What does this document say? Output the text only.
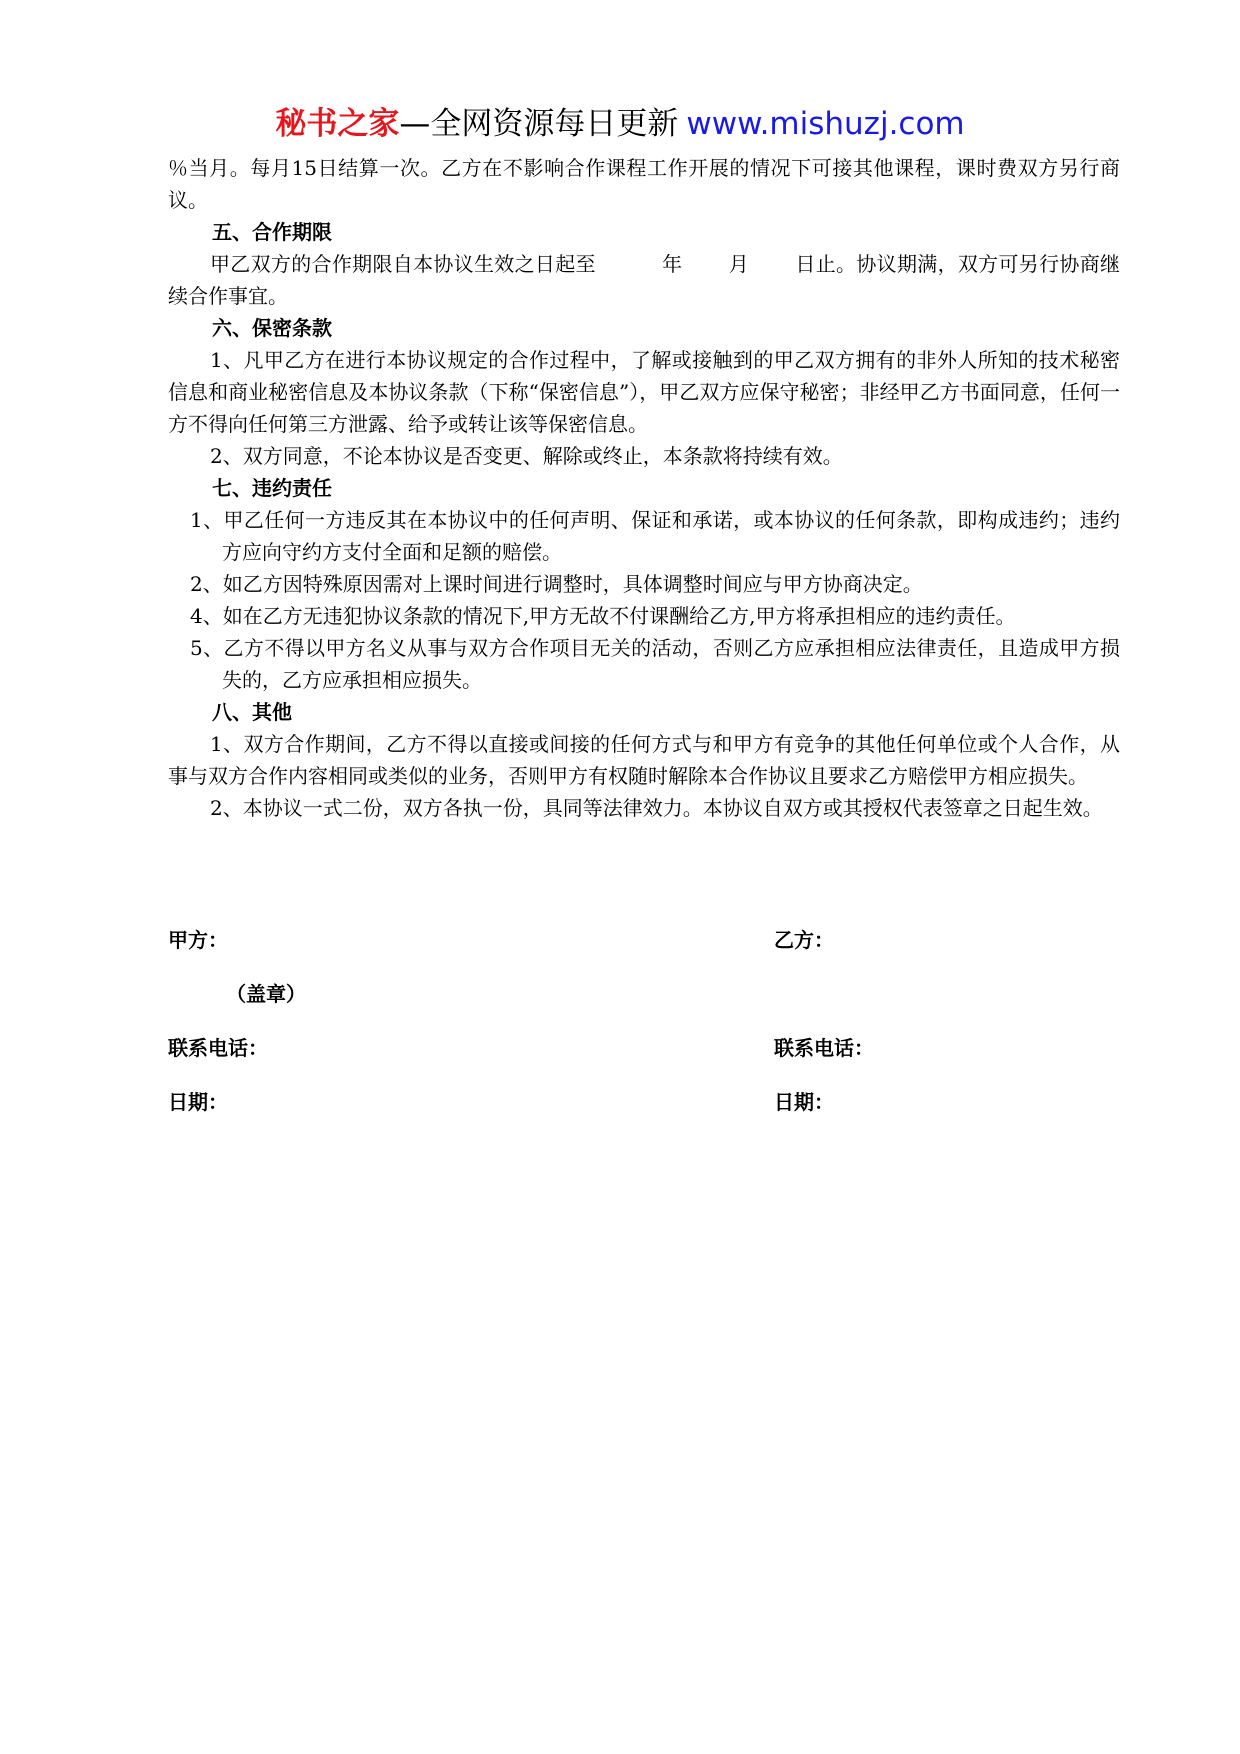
秘书之家—全网资源每日更新 www.mishuzj.com

％当月。每月15日结算一次。乙方在不影响合作课程工作开展的情况下可接其他课程，课时费双方另行商议。

五、合作期限

甲乙双方的合作期限自本协议生效之日起至	年 月 日止。协议期满，双方可另行协商继续合作事宜。

六、保密条款

1、凡甲乙方在进行本协议规定的合作过程中，了解或接触到的甲乙双方拥有的非外人所知的技术秘密信息和商业秘密信息及本协议条款（下称“保密信息”），甲乙双方应保守秘密；非经甲乙方书面同意，任何一方不得向任何第三方泄露、给予或转让该等保密信息。

2、双方同意，不论本协议是否变更、解除或终止，本条款将持续有效。

七、违约责任

1、甲乙任何一方违反其在本协议中的任何声明、保证和承诺，或本协议的任何条款，即构成违约；违约方应向守约方支付全面和足额的赔偿。

2、如乙方因特殊原因需对上课时间进行调整时，具体调整时间应与甲方协商决定。

4、如在乙方无违犯协议条款的情况下,甲方无故不付课酬给乙方,甲方将承担相应的违约责任。

5、乙方不得以甲方名义从事与双方合作项目无关的活动，否则乙方应承担相应法律责任，且造成甲方损失的，乙方应承担相应损失。

八、其他

1、双方合作期间，乙方不得以直接或间接的任何方式与和甲方有竞争的其他任何单位或个人合作，从事与双方合作内容相同或类似的业务，否则甲方有权随时解除本合作协议且要求乙方赔偿甲方相应损失。

2、本协议一式二份，双方各执一份，具同等法律效力。本协议自双方或其授权代表签章之日起生效。

甲方：	乙方：
（盖章）
联系电话：	联系电话：
日期：	日期：
